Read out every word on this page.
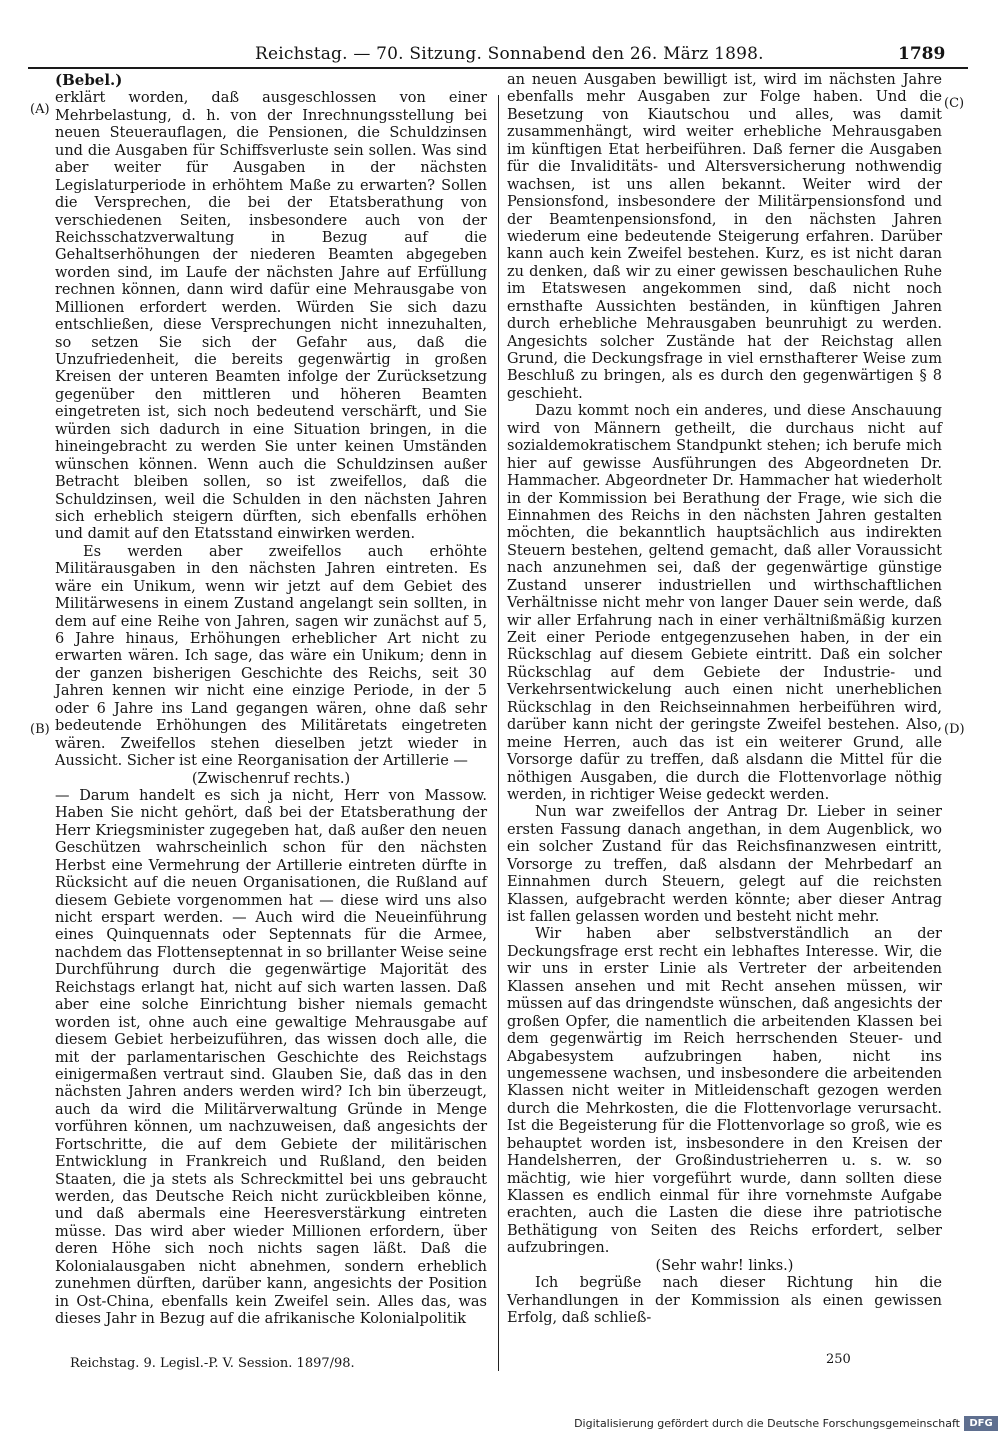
Reichstag. — 70. Sitzung. Sonnabend den 26. März 1898.	1789
(A)
(B)
(C)
(D)

(Bebel.)

erklärt worden, daß ausgeschlossen von einer Mehrbelastung, d. h. von der Inrechnungsstellung bei neuen Steuerauflagen, die Pensionen, die Schuldzinsen und die Ausgaben für Schiffsverluste sein sollen. Was sind aber weiter für Ausgaben in der nächsten Legislaturperiode in erhöhtem Maße zu erwarten? Sollen die Versprechen, die bei der Etatsberathung von verschiedenen Seiten, insbesondere auch von der Reichsschatzverwaltung in Bezug auf die Gehaltserhöhungen der niederen Beamten abgegeben worden sind, im Laufe der nächsten Jahre auf Erfüllung rechnen können, dann wird dafür eine Mehrausgabe von Millionen erfordert werden. Würden Sie sich dazu entschließen, diese Versprechungen nicht innezuhalten, so setzen Sie sich der Gefahr aus, daß die Unzufriedenheit, die bereits gegenwärtig in großen Kreisen der unteren Beamten infolge der Zurücksetzung gegenüber den mittleren und höheren Beamten eingetreten ist, sich noch bedeutend verschärft, und Sie würden sich dadurch in eine Situation bringen, in die hineingebracht zu werden Sie unter keinen Umständen wünschen können. Wenn auch die Schuldzinsen außer Betracht bleiben sollen, so ist zweifellos, daß die Schuldzinsen, weil die Schulden in den nächsten Jahren sich erheblich steigern dürften, sich ebenfalls erhöhen und damit auf den Etatsstand einwirken werden.

Es werden aber zweifellos auch erhöhte Militärausgaben in den nächsten Jahren eintreten. Es wäre ein Unikum, wenn wir jetzt auf dem Gebiet des Militärwesens in einem Zustand angelangt sein sollten, in dem auf eine Reihe von Jahren, sagen wir zunächst auf 5, 6 Jahre hinaus, Erhöhungen erheblicher Art nicht zu erwarten wären. Ich sage, das wäre ein Unikum; denn in der ganzen bisherigen Geschichte des Reichs, seit 30 Jahren kennen wir nicht eine einzige Periode, in der 5 oder 6 Jahre ins Land gegangen wären, ohne daß sehr bedeutende Erhöhungen des Militäretats eingetreten wären. Zweifellos stehen dieselben jetzt wieder in Aussicht. Sicher ist eine Reorganisation der Artillerie —

(Zwischenruf rechts.)

— Darum handelt es sich ja nicht, Herr von Massow. Haben Sie nicht gehört, daß bei der Etatsberathung der Herr Kriegsminister zugegeben hat, daß außer den neuen Geschützen wahrscheinlich schon für den nächsten Herbst eine Vermehrung der Artillerie eintreten dürfte in Rücksicht auf die neuen Organisationen, die Rußland auf diesem Gebiete vorgenommen hat — diese wird uns also nicht erspart werden. — Auch wird die Neueinführung eines Quinquennats oder Septennats für die Armee, nachdem das Flottenseptennat in so brillanter Weise seine Durchführung durch die gegenwärtige Majorität des Reichstags erlangt hat, nicht auf sich warten lassen. Daß aber eine solche Einrichtung bisher niemals gemacht worden ist, ohne auch eine gewaltige Mehrausgabe auf diesem Gebiet herbeizuführen, das wissen doch alle, die mit der parlamentarischen Geschichte des Reichstags einigermaßen vertraut sind. Glauben Sie, daß das in den nächsten Jahren anders werden wird? Ich bin überzeugt, auch da wird die Militärverwaltung Gründe in Menge vorführen können, um nachzuweisen, daß angesichts der Fortschritte, die auf dem Gebiete der militärischen Entwicklung in Frankreich und Rußland, den beiden Staaten, die ja stets als Schreckmittel bei uns gebraucht werden, das Deutsche Reich nicht zurückbleiben könne, und daß abermals eine Heeresverstärkung eintreten müsse. Das wird aber wieder Millionen erfordern, über deren Höhe sich noch nichts sagen läßt. Daß die Kolonialausgaben nicht abnehmen, sondern erheblich zunehmen dürften, darüber kann, angesichts der Position in Ost-China, ebenfalls kein Zweifel sein. Alles das, was dieses Jahr in Bezug auf die afrikanische Kolonialpolitik

an neuen Ausgaben bewilligt ist, wird im nächsten Jahre ebenfalls mehr Ausgaben zur Folge haben. Und die Besetzung von Kiautschou und alles, was damit zusammenhängt, wird weiter erhebliche Mehrausgaben im künftigen Etat herbeiführen. Daß ferner die Ausgaben für die Invaliditäts- und Altersversicherung nothwendig wachsen, ist uns allen bekannt. Weiter wird der Pensionsfond, insbesondere der Militärpensionsfond und der Beamtenpensionsfond, in den nächsten Jahren wiederum eine bedeutende Steigerung erfahren. Darüber kann auch kein Zweifel bestehen. Kurz, es ist nicht daran zu denken, daß wir zu einer gewissen beschaulichen Ruhe im Etatswesen angekommen sind, daß nicht noch ernsthafte Aussichten beständen, in künftigen Jahren durch erhebliche Mehrausgaben beunruhigt zu werden. Angesichts solcher Zustände hat der Reichstag allen Grund, die Deckungsfrage in viel ernsthafterer Weise zum Beschluß zu bringen, als es durch den gegenwärtigen § 8 geschieht.

Dazu kommt noch ein anderes, und diese Anschauung wird von Männern getheilt, die durchaus nicht auf sozialdemokratischem Standpunkt stehen; ich berufe mich hier auf gewisse Ausführungen des Abgeordneten Dr. Hammacher. Abgeordneter Dr. Hammacher hat wiederholt in der Kommission bei Berathung der Frage, wie sich die Einnahmen des Reichs in den nächsten Jahren gestalten möchten, die bekanntlich hauptsächlich aus indirekten Steuern bestehen, geltend gemacht, daß aller Voraussicht nach anzunehmen sei, daß der gegenwärtige günstige Zustand unserer industriellen und wirthschaftlichen Verhältnisse nicht mehr von langer Dauer sein werde, daß wir aller Erfahrung nach in einer verhältnißmäßig kurzen Zeit einer Periode entgegenzusehen haben, in der ein Rückschlag auf diesem Gebiete eintritt. Daß ein solcher Rückschlag auf dem Gebiete der Industrie- und Verkehrsentwickelung auch einen nicht unerheblichen Rückschlag in den Reichseinnahmen herbeiführen wird, darüber kann nicht der geringste Zweifel bestehen. Also, meine Herren, auch das ist ein weiterer Grund, alle Vorsorge dafür zu treffen, daß alsdann die Mittel für die nöthigen Ausgaben, die durch die Flottenvorlage nöthig werden, in richtiger Weise gedeckt werden.

Nun war zweifellos der Antrag Dr. Lieber in seiner ersten Fassung danach angethan, in dem Augenblick, wo ein solcher Zustand für das Reichsfinanzwesen eintritt, Vorsorge zu treffen, daß alsdann der Mehrbedarf an Einnahmen durch Steuern, gelegt auf die reichsten Klassen, aufgebracht werden könnte; aber dieser Antrag ist fallen gelassen worden und besteht nicht mehr.

Wir haben aber selbstverständlich an der Deckungsfrage erst recht ein lebhaftes Interesse. Wir, die wir uns in erster Linie als Vertreter der arbeitenden Klassen ansehen und mit Recht ansehen müssen, wir müssen auf das dringendste wünschen, daß angesichts der großen Opfer, die namentlich die arbeitenden Klassen bei dem gegenwärtig im Reich herrschenden Steuer- und Abgabesystem aufzubringen haben, nicht ins ungemessene wachsen, und insbesondere die arbeitenden Klassen nicht weiter in Mitleidenschaft gezogen werden durch die Mehrkosten, die die Flottenvorlage verursacht. Ist die Begeisterung für die Flottenvorlage so groß, wie es behauptet worden ist, insbesondere in den Kreisen der Handelsherren, der Großindustrieherren u. s. w. so mächtig, wie hier vorgeführt wurde, dann sollten diese Klassen es endlich einmal für ihre vornehmste Aufgabe erachten, auch die Lasten die diese ihre patriotische Bethätigung von Seiten des Reichs erfordert, selber aufzubringen.

(Sehr wahr! links.)

Ich begrüße nach dieser Richtung hin die Verhandlungen in der Kommission als einen gewissen Erfolg, daß schließ-

Reichstag. 9. Legisl.-P. V. Session. 1897/98.	250
Digitalisierung gefördert durch die Deutsche Forschungsgemeinschaft DFG
